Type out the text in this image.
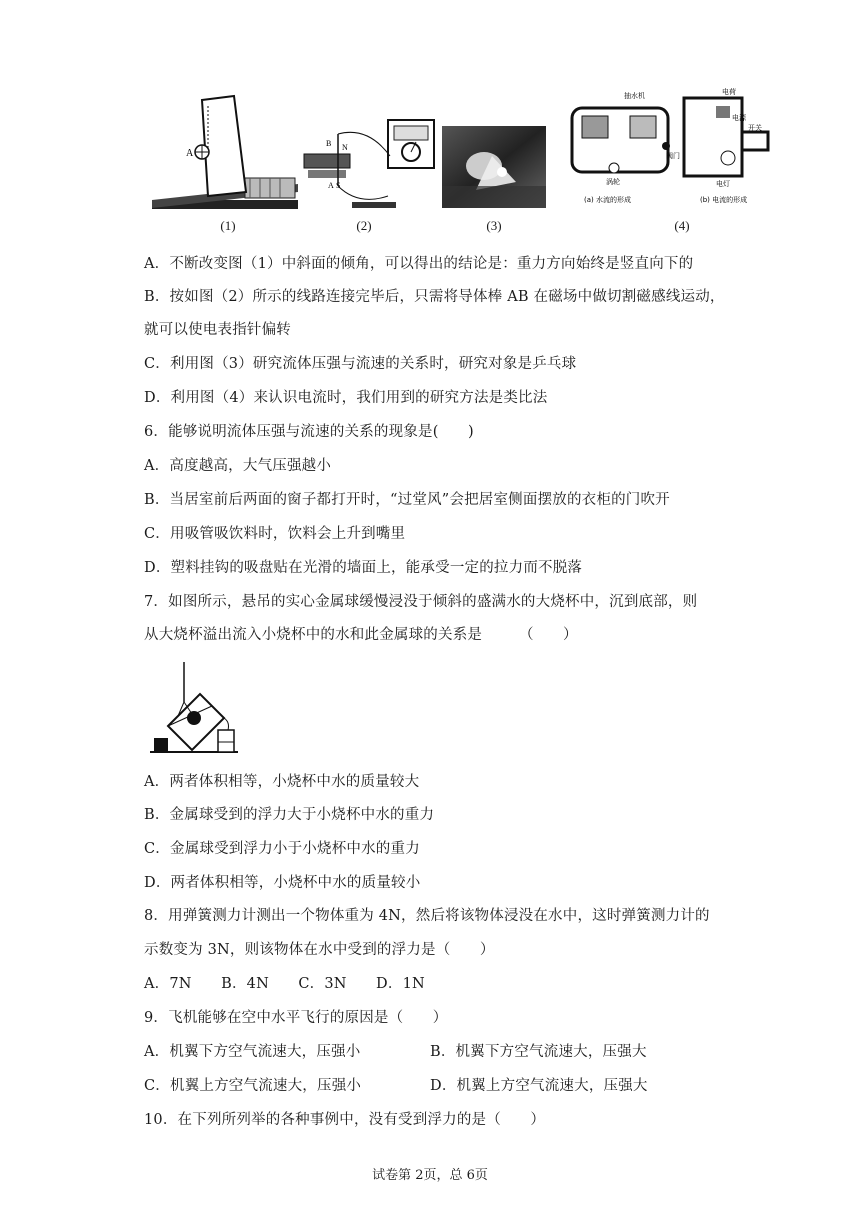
A
(1)
N
S
A
B
(2)	(3)
抽水机
阀门
涡轮
(a) 水流的形成
电荷
电源
开关
电灯
(b) 电流的形成
(4)
A．不断改变图（1）中斜面的倾角，可以得出的结论是：重力方向始终是竖直向下的
B．按如图（2）所示的线路连接完毕后，只需将导体棒 AB 在磁场中做切割磁感线运动，
就可以使电表指针偏转
C．利用图（3）研究流体压强与流速的关系时，研究对象是乒乓球
D．利用图（4）来认识电流时，我们用到的研究方法是类比法
6．能够说明流体压强与流速的关系的现象是(　　)
A．高度越高，大气压强越小
B．当居室前后两面的窗子都打开时，“过堂风”会把居室侧面摆放的衣柜的门吹开
C．用吸管吸饮料时，饮料会上升到嘴里
D．塑料挂钩的吸盘贴在光滑的墙面上，能承受一定的拉力而不脱落
7．如图所示，悬吊的实心金属球缓慢浸没于倾斜的盛满水的大烧杯中，沉到底部，则
从大烧杯溢出流入小烧杯中的水和此金属球的关系是　　　（　　）
A．两者体积相等，小烧杯中水的质量较大
B．金属球受到的浮力大于小烧杯中水的重力
C．金属球受到浮力小于小烧杯中水的重力
D．两者体积相等，小烧杯中水的质量较小
8．用弹簧测力计测出一个物体重为 4N，然后将该物体浸没在水中，这时弹簧测力计的
示数变为 3N，则该物体在水中受到的浮力是（　　）
A．7N　　B．4N　　C．3N　　D．1N
9．飞机能够在空中水平飞行的原因是（　　）
A．机翼下方空气流速大，压强小	B．机翼下方空气流速大，压强大
C．机翼上方空气流速大，压强小	D．机翼上方空气流速大，压强大
10．在下列所列举的各种事例中，没有受到浮力的是（　　）
试卷第 2页，总 6页
